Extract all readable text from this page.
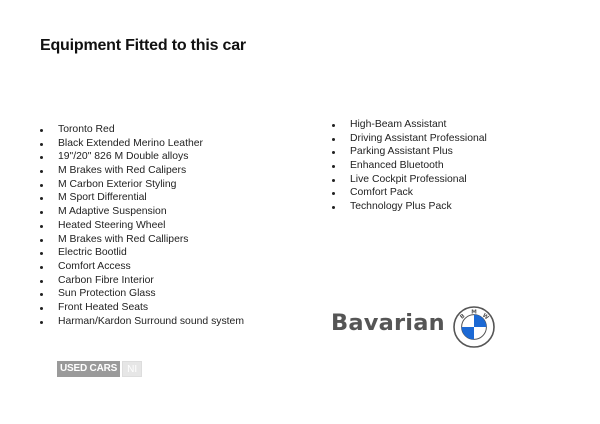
Equipment Fitted to this car
Toronto Red
Black Extended Merino Leather
19"/20" 826 M Double alloys
M Brakes with Red Calipers
M Carbon Exterior Styling
M Sport Differential
M Adaptive Suspension
Heated Steering Wheel
M Brakes with Red Callipers
Electric Bootlid
Comfort Access
Carbon Fibre Interior
Sun Protection Glass
Front Heated Seats
Harman/Kardon Surround sound system
High-Beam Assistant
Driving Assistant Professional
Parking Assistant Plus
Enhanced Bluetooth
Live Cockpit Professional
Comfort Pack
Technology Plus Pack
Bavarian	B
M
W
USED CARS	NI
